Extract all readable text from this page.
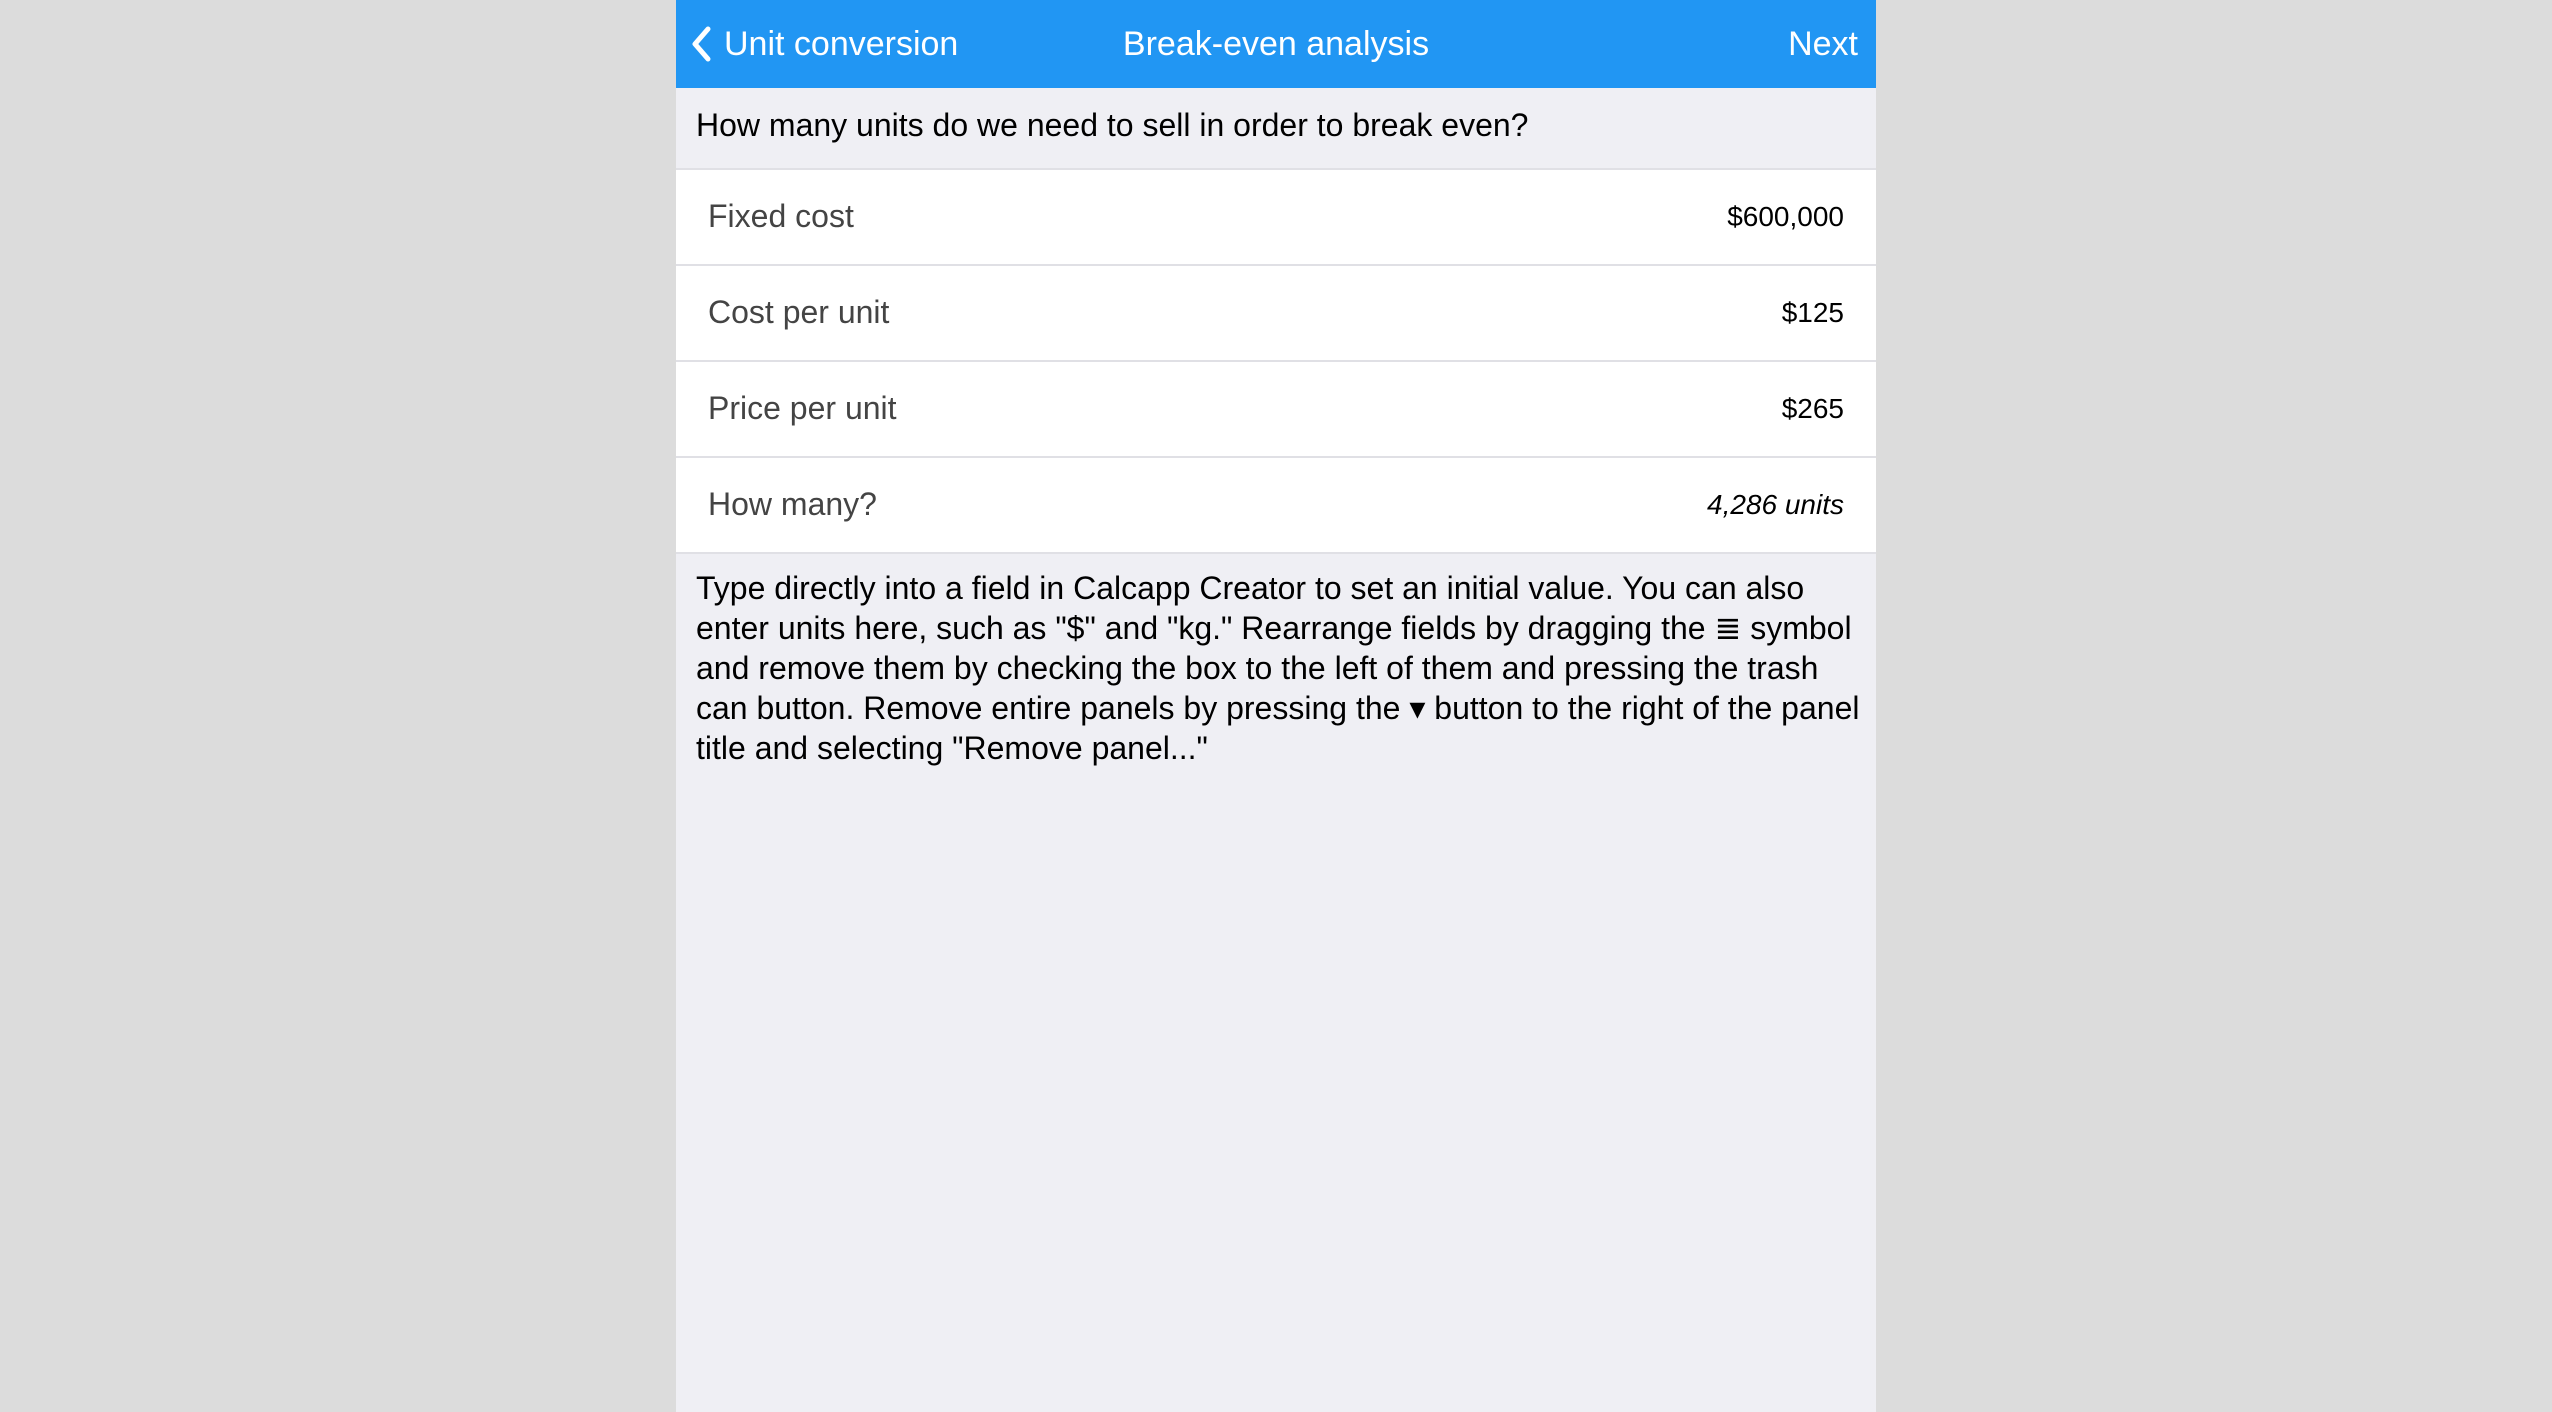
Unit conversion	Break-even analysis	Next
How many units do we need to sell in order to break even?
Fixed cost	$600,000
Cost per unit	$125
Price per unit	$265
How many?	4,286 units
Type directly into a field in Calcapp Creator to set an initial value. You can also enter units here, such as "$" and "kg." Rearrange fields by dragging the ≣ symbol and remove them by checking the box to the left of them and pressing the trash can button. Remove entire panels by pressing the ▾ button to the right of the panel title and selecting "Remove panel..."
